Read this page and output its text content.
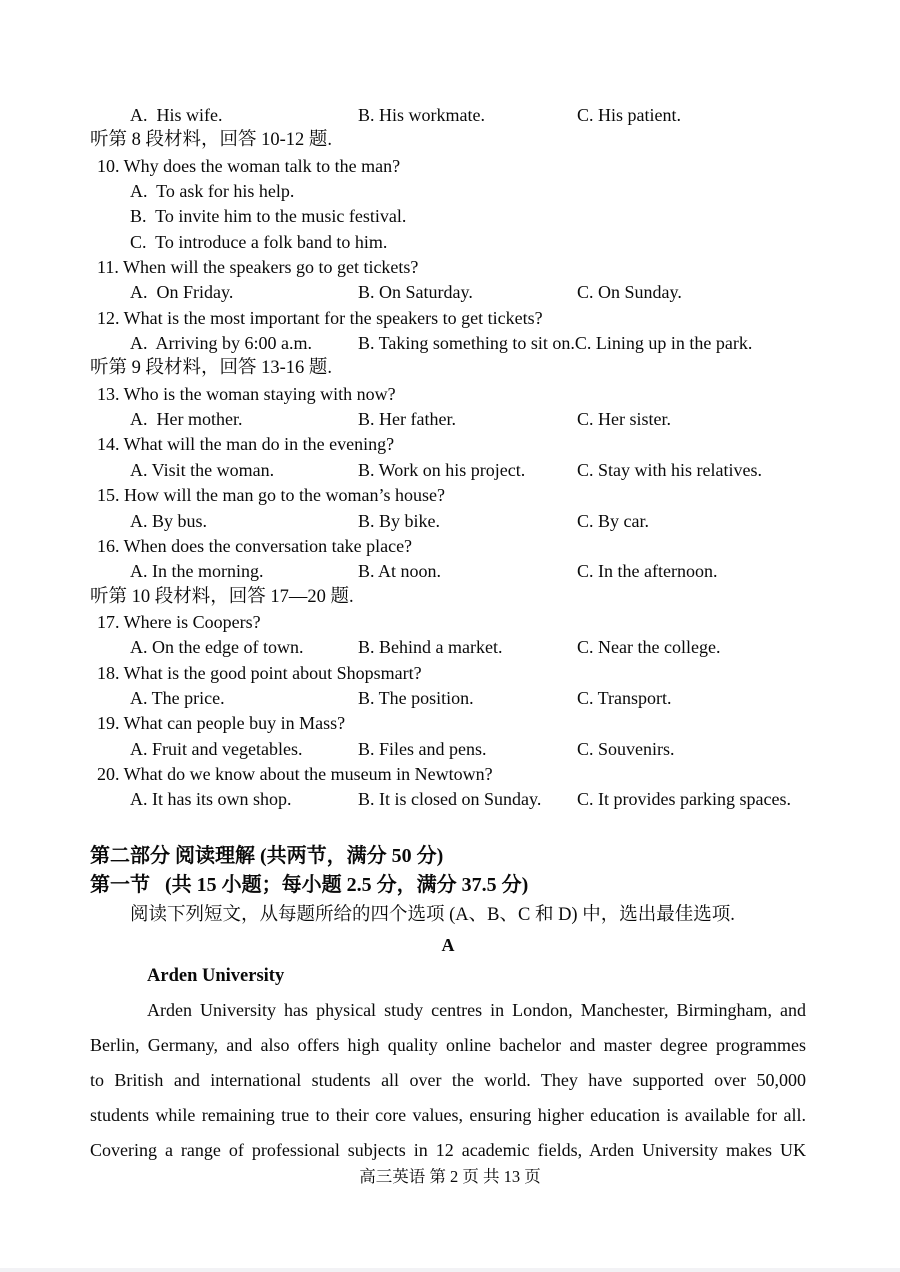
A.  His wife.	B. His workmate.	C. His patient.
听第 8 段材料，回答 10-12 题.
10. Why does the woman talk to the man?
A.  To ask for his help.
B.  To invite him to the music festival.
C.  To introduce a folk band to him.
11. When will the speakers go to get tickets?
A.  On Friday.	B. On Saturday.	C. On Sunday.
12. What is the most important for the speakers to get tickets?
A.  Arriving by 6:00 a.m.	B. Taking something to sit on.C. Lining up in the park.
听第 9 段材料，回答 13-16 题.
13. Who is the woman staying with now?
A.  Her mother.	B. Her father.	C. Her sister.
14. What will the man do in the evening?
A. Visit the woman.	B. Work on his project.	C. Stay with his relatives.
15. How will the man go to the woman’s house?
A. By bus.	B. By bike.	C. By car.
16. When does the conversation take place?
A. In the morning.	B. At noon.	C. In the afternoon.
听第 10 段材料，回答 17—20 题.
17. Where is Coopers?
A. On the edge of town.	B. Behind a market.	C. Near the college.
18. What is the good point about Shopsmart?
A. The price.	B. The position.	C. Transport.
19. What can people buy in Mass?
A. Fruit and vegetables.	B. Files and pens.	C. Souvenirs.
20. What do we know about the museum in Newtown?
A. It has its own shop.	B. It is closed on Sunday. C. It provides parking spaces.
第二部分 阅读理解 (共两节，满分 50 分)
第一节   (共 15 小题；每小题 2.5 分，满分 37.5 分)
阅读下列短文，从每题所给的四个选项 (A、B、C 和 D) 中，选出最佳选项.
A
Arden University
Arden University has physical study centres in London, Manchester, Birmingham, and
Berlin, Germany, and also offers high quality online bachelor and master degree programmes
to British and international students all over the world. They have supported over 50,000
students while remaining true to their core values, ensuring higher education is available for all.
Covering a range of professional subjects in 12 academic fields, Arden University makes UK
高三英语 第 2 页 共 13 页
